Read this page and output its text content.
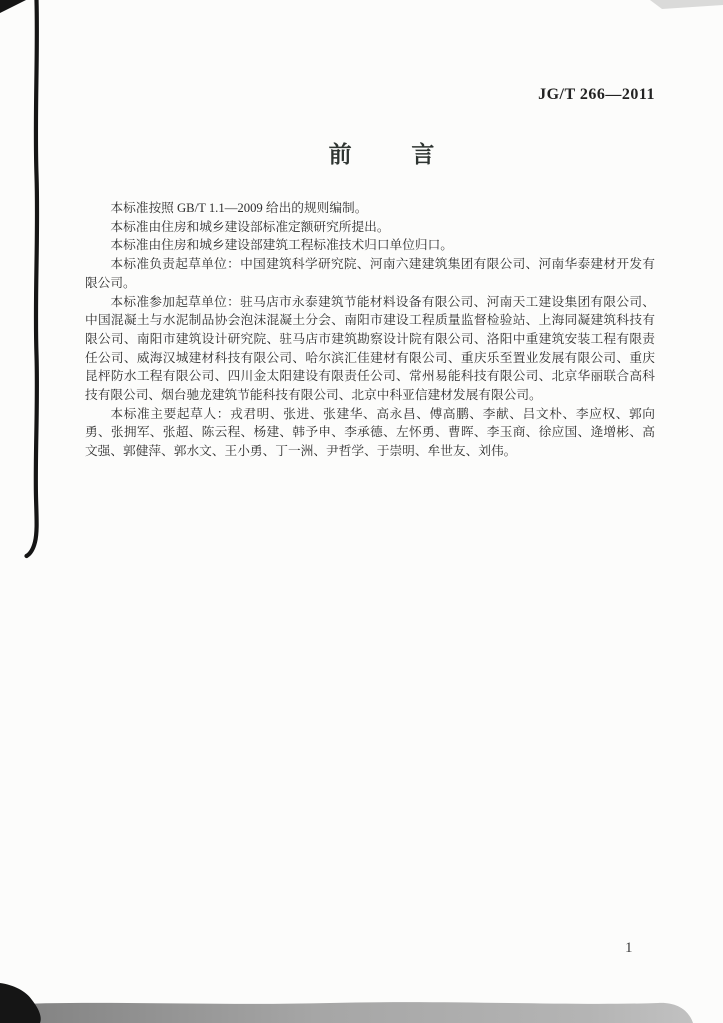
JG/T 266—2011
前言

本标准按照 GB/T 1.1—2009 给出的规则编制。

本标准由住房和城乡建设部标准定额研究所提出。

本标准由住房和城乡建设部建筑工程标准技术归口单位归口。

本标准负责起草单位：中国建筑科学研究院、河南六建建筑集团有限公司、河南华泰建材开发有限公司。

本标准参加起草单位：驻马店市永泰建筑节能材料设备有限公司、河南天工建设集团有限公司、中国混凝土与水泥制品协会泡沫混凝土分会、南阳市建设工程质量监督检验站、上海同凝建筑科技有限公司、南阳市建筑设计研究院、驻马店市建筑勘察设计院有限公司、洛阳中重建筑安装工程有限责任公司、威海汉城建材科技有限公司、哈尔滨汇佳建材有限公司、重庆乐至置业发展有限公司、重庆昆枰防水工程有限公司、四川金太阳建设有限责任公司、常州易能科技有限公司、北京华丽联合高科技有限公司、烟台驰龙建筑节能科技有限公司、北京中科亚信建材发展有限公司。

本标准主要起草人：戎君明、张进、张建华、高永昌、傅高鹏、李献、吕文朴、李应权、郭向勇、张拥军、张超、陈云程、杨建、韩予申、李承德、左怀勇、曹晖、李玉商、徐应国、逄增彬、高文强、郭健萍、郭水文、王小勇、丁一洲、尹哲学、于崇明、牟世友、刘伟。

1
